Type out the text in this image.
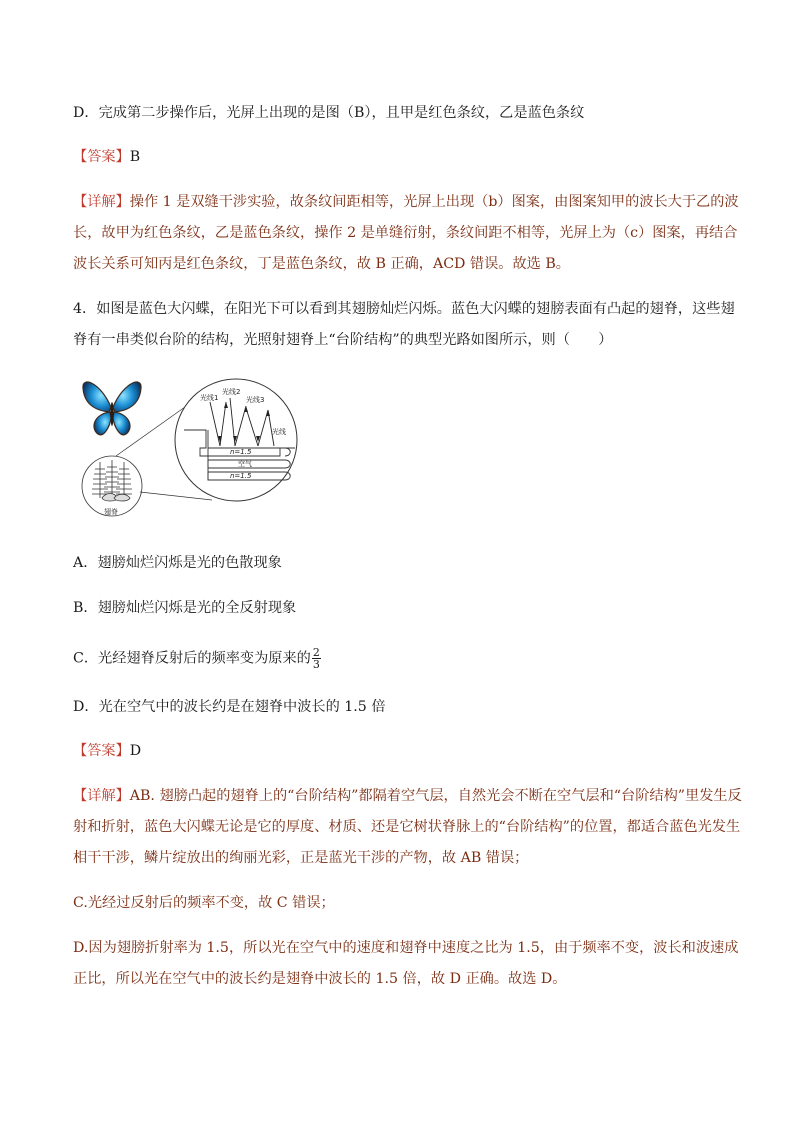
D．完成第二步操作后，光屏上出现的是图（B），且甲是红色条纹，乙是蓝色条纹
【答案】B
【详解】操作 1 是双缝干涉实验，故条纹间距相等，光屏上出现（b）图案，由图案知甲的波长大于乙的波
长，故甲为红色条纹，乙是蓝色条纹，操作 2 是单缝衍射，条纹间距不相等，光屏上为（c）图案，再结合
波长关系可知丙是红色条纹，丁是蓝色条纹，故 B 正确，ACD 错误。故选 B。
4．如图是蓝色大闪蝶，在阳光下可以看到其翅膀灿烂闪烁。蓝色大闪蝶的翅膀表面有凸起的翅脊，这些翅
脊有一串类似台阶的结构，光照射翅脊上“台阶结构”的典型光路如图所示，则（　　）
翅脊
光线1
光线2
光线3
光线
n=1.5
空气
n=1.5
A．翅膀灿烂闪烁是光的色散现象
B．翅膀灿烂闪烁是光的全反射现象
C．光经翅脊反射后的频率变为原来的 $\frac{2}{3}$
D．光在空气中的波长约是在翅脊中波长的 1.5 倍
【答案】D
【详解】AB. 翅膀凸起的翅脊上的“台阶结构”都隔着空气层，自然光会不断在空气层和“台阶结构”里发生反
射和折射，蓝色大闪蝶无论是它的厚度、材质、还是它树状脊脉上的“台阶结构”的位置，都适合蓝色光发生
相干干涉，鳞片绽放出的绚丽光彩，正是蓝光干涉的产物，故 AB 错误；
C.光经过反射后的频率不变，故 C 错误；
D.因为翅膀折射率为 1.5，所以光在空气中的速度和翅脊中速度之比为 1.5，由于频率不变，波长和波速成
正比，所以光在空气中的波长约是翅脊中波长的 1.5 倍，故 D 正确。故选 D。
